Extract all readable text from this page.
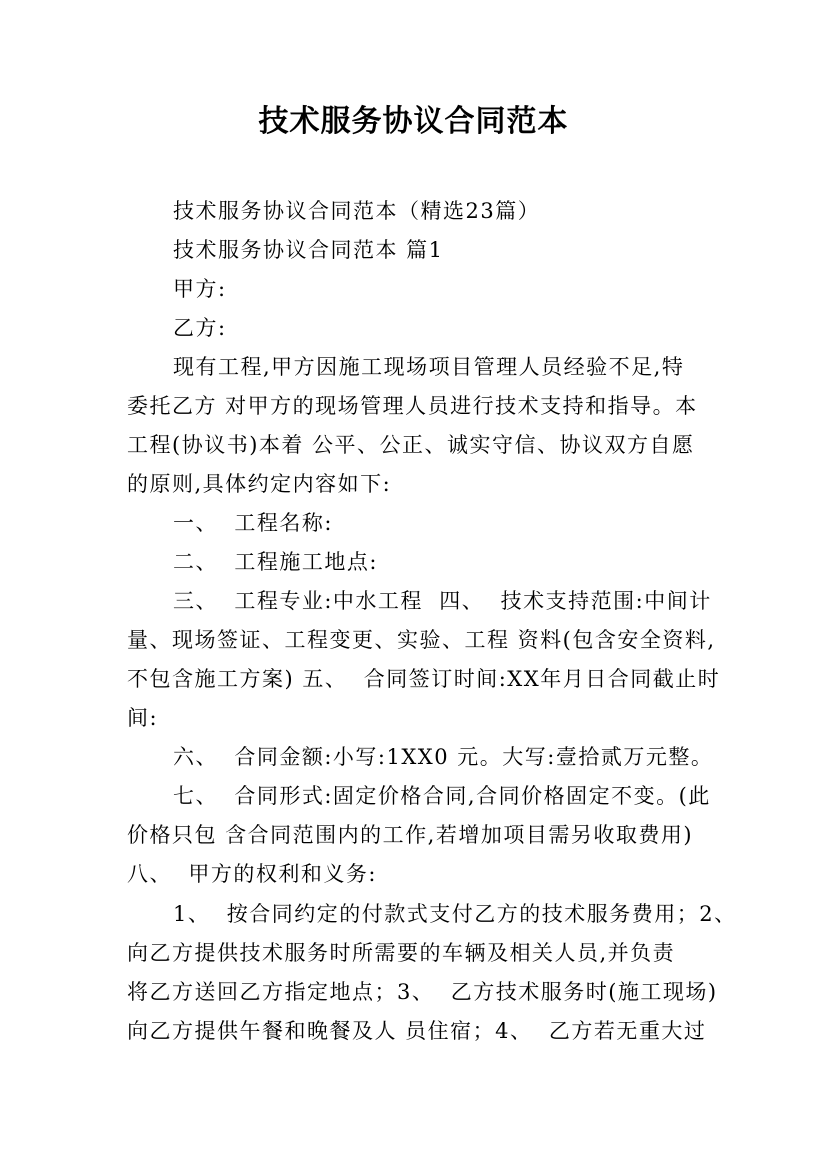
技术服务协议合同范本
技术服务协议合同范本（精选23篇）
技术服务协议合同范本 篇1
甲方:
乙方:
现有工程,甲方因施工现场项目管理人员经验不足,特
委托乙方 对甲方的现场管理人员进行技术支持和指导。本
工程(协议书)本着 公平、公正、诚实守信、协议双方自愿
的原则,具体约定内容如下:
一、  工程名称:
二、  工程施工地点:
三、  工程专业:中水工程  四、  技术支持范围:中间计
量、现场签证、工程变更、实验、工程 资料(包含安全资料,
不包含施工方案) 五、  合同签订时间:XX年月日合同截止时
间:
六、  合同金额:小写:1XX0 元。大写:壹拾贰万元整。
七、  合同形式:固定价格合同,合同价格固定不变。(此
价格只包 含合同范围内的工作,若增加项目需另收取费用)
八、  甲方的权利和义务:
1、  按合同约定的付款式支付乙方的技术服务费用；2、
向乙方提供技术服务时所需要的车辆及相关人员,并负责
将乙方送回乙方指定地点；3、  乙方技术服务时(施工现场)
向乙方提供午餐和晚餐及人 员住宿；4、  乙方若无重大过
